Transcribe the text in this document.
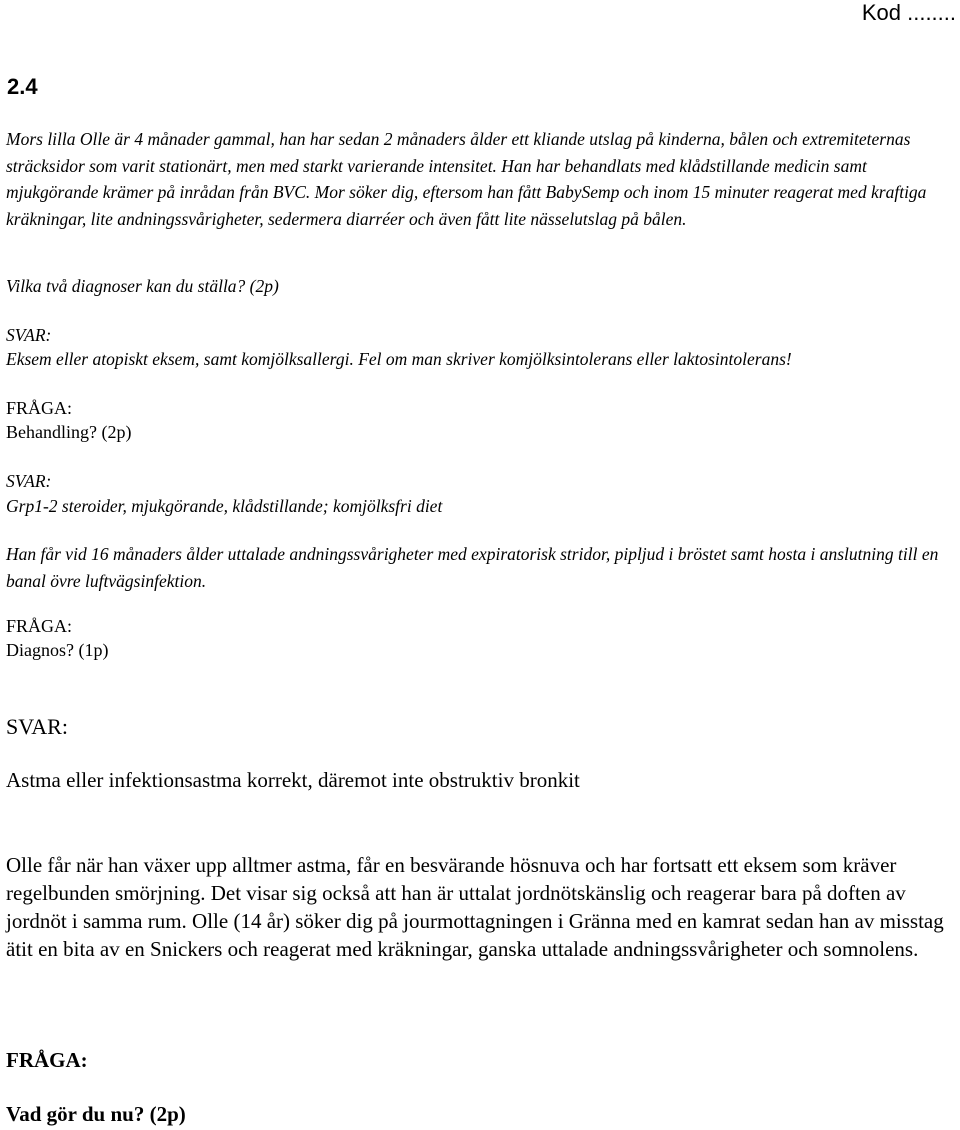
Kod ........
2.4

Mors lilla Olle är 4 månader gammal, han har sedan 2 månaders ålder ett kliande utslag på kinderna, bålen och extremiteternas sträcksidor som varit stationärt, men med starkt varierande intensitet. Han har behandlats med klådstillande medicin samt mjukgörande krämer på inrådan från BVC. Mor söker dig, eftersom han fått BabySemp och inom 15 minuter reagerat med kraftiga kräkningar, lite andningssvårigheter, sedermera diarréer och även fått lite nässelutslag på bålen.

Vilka två diagnoser kan du ställa? (2p)

SVAR:

Eksem eller atopiskt eksem, samt komjölksallergi. Fel om man skriver komjölksintolerans eller laktosintolerans!

FRÅGA:

Behandling? (2p)

SVAR:

Grp1-2 steroider, mjukgörande, klådstillande; komjölksfri diet

Han får vid 16 månaders ålder uttalade andningssvårigheter med expiratorisk stridor, pipljud i bröstet samt hosta i anslutning till en banal övre luftvägsinfektion.

FRÅGA:

Diagnos? (1p)

SVAR:

Astma eller infektionsastma korrekt, däremot inte obstruktiv bronkit

Olle får när han växer upp alltmer astma, får en besvärande hösnuva och har fortsatt ett eksem som kräver regelbunden smörjning. Det visar sig också att han är uttalat jordnötskänslig och reagerar bara på doften av jordnöt i samma rum. Olle (14 år) söker dig på jourmottagningen i Gränna med en kamrat sedan han av misstag ätit en bita av en Snickers och reagerat med kräkningar, ganska uttalade andningssvårigheter och somnolens.

FRÅGA:

Vad gör du nu? (2p)
